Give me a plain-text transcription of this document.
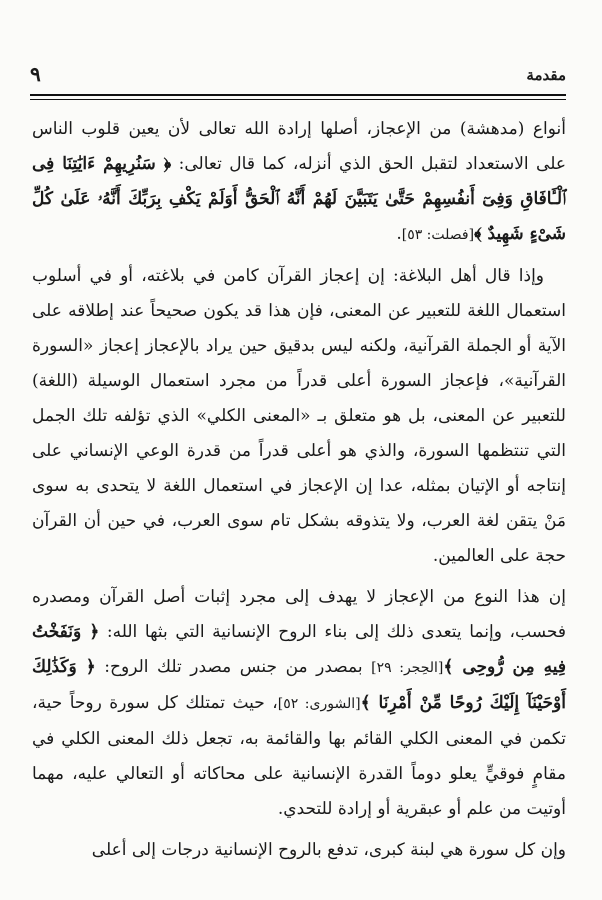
مقدمة
٩

أنواع (مدهشة) من الإعجاز، أصلها إرادة الله تعالى لأن يعين قلوب الناس على الاستعداد لتقبل الحق الذي أنزله، كما قال تعالى: ﴿ سَنُرِيهِمْ ءَايَٰتِنَا فِى ٱلْـَٔافَاقِ وَفِىٓ أَنفُسِهِمْ حَتَّىٰ يَتَبَيَّنَ لَهُمْ أَنَّهُ ٱلْحَقُّ أَوَلَمْ يَكْفِ بِرَبِّكَ أَنَّهُۥ عَلَىٰ كُلِّ شَىْءٍ شَهِيدٌ ﴾[فصلت: ٥٣].

وإذا قال أهل البلاغة: إن إعجاز القرآن كامن في بلاغته، أو في أسلوب استعمال اللغة للتعبير عن المعنى، فإن هذا قد يكون صحيحاً عند إطلاقه على الآية أو الجملة القرآنية، ولكنه ليس بدقيق حين يراد بالإعجاز إعجاز «السورة القرآنية»، فإعجاز السورة أعلى قدراً من مجرد استعمال الوسيلة (اللغة) للتعبير عن المعنى، بل هو متعلق بـ «المعنى الكلي» الذي تؤلفه تلك الجمل التي تنتظمها السورة، والذي هو أعلى قدراً من قدرة الوعي الإنساني على إنتاجه أو الإتيان بمثله، عدا إن الإعجاز في استعمال اللغة لا يتحدى به سوى مَنْ يتقن لغة العرب، ولا يتذوقه بشكل تام سوى العرب، في حين أن القرآن حجة على العالمين.

إن هذا النوع من الإعجاز لا يهدف إلى مجرد إثبات أصل القرآن ومصدره فحسب، وإنما يتعدى ذلك إلى بناء الروح الإنسانية التي بثها الله: ﴿ وَنَفَخْتُ فِيهِ مِن رُّوحِى ﴾[الحِجر: ٢٩] بمصدر من جنس مصدر تلك الروح: ﴿ وَكَذَٰلِكَ أَوْحَيْنَآ إِلَيْكَ رُوحًا مِّنْ أَمْرِنَا ﴾[الشورى: ٥٢]، حيث تمتلك كل سورة روحاً حية، تكمن في المعنى الكلي القائم بها والقائمة به، تجعل ذلك المعنى الكلي في مقامٍ فوقيٍّ يعلو دوماً القدرة الإنسانية على محاكاته أو التعالي عليه، مهما أوتيت من علم أو عبقرية أو إرادة للتحدي.

وإن كل سورة هي لبنة كبرى، تدفع بالروح الإنسانية درجات إلى أعلى
